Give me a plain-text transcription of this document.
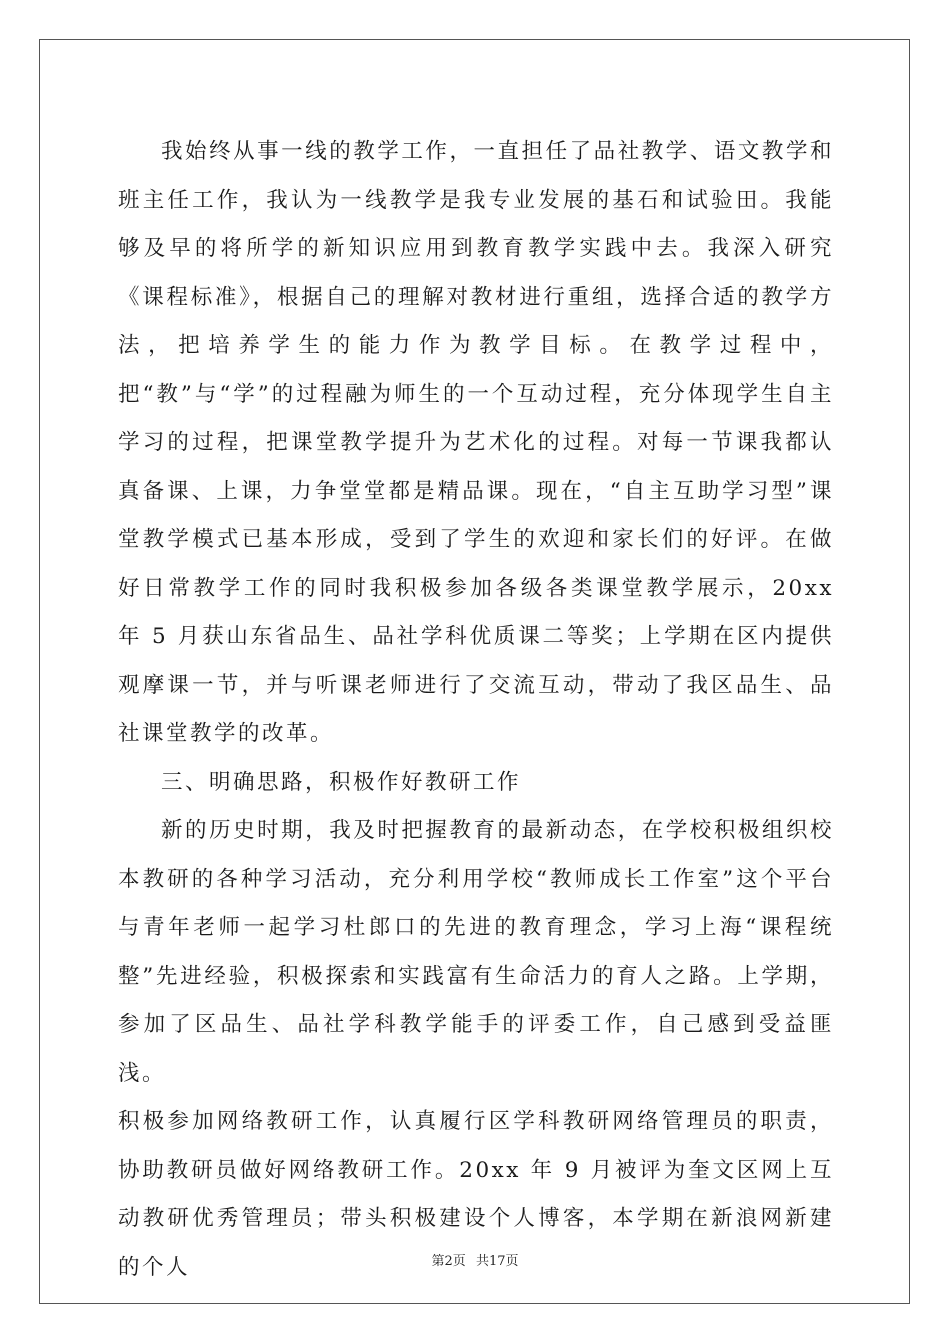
我始终从事一线的教学工作，一直担任了品社教学、语文教学和班主任工作，我认为一线教学是我专业发展的基石和试验田。我能够及早的将所学的新知识应用到教育教学实践中去。我深入研究《课程标准》，根据自己的理解对教材进行重组，选择合适的教学方法，把培养学生的能力作为教学目标。在教学过程中，把“教”与“学”的过程融为师生的一个互动过程，充分体现学生自主学习的过程，把课堂教学提升为艺术化的过程。对每一节课我都认真备课、上课，力争堂堂都是精品课。现在，“自主互助学习型”课堂教学模式已基本形成，受到了学生的欢迎和家长们的好评。在做好日常教学工作的同时我积极参加各级各类课堂教学展示，20xx 年 5 月获山东省品生、品社学科优质课二等奖；上学期在区内提供观摩课一节，并与听课老师进行了交流互动，带动了我区品生、品社课堂教学的改革。

三、明确思路，积极作好教研工作

新的历史时期，我及时把握教育的最新动态，在学校积极组织校本教研的各种学习活动，充分利用学校“教师成长工作室”这个平台与青年老师一起学习杜郎口的先进的教育理念，学习上海“课程统整”先进经验，积极探索和实践富有生命活力的育人之路。上学期，参加了区品生、品社学科教学能手的评委工作，自己感到受益匪浅。

积极参加网络教研工作，认真履行区学科教研网络管理员的职责，协助教研员做好网络教研工作。20xx 年 9 月被评为奎文区网上互动教研优秀管理员；带头积极建设个人博客，本学期在新浪网新建的个人	第2页 共17页
